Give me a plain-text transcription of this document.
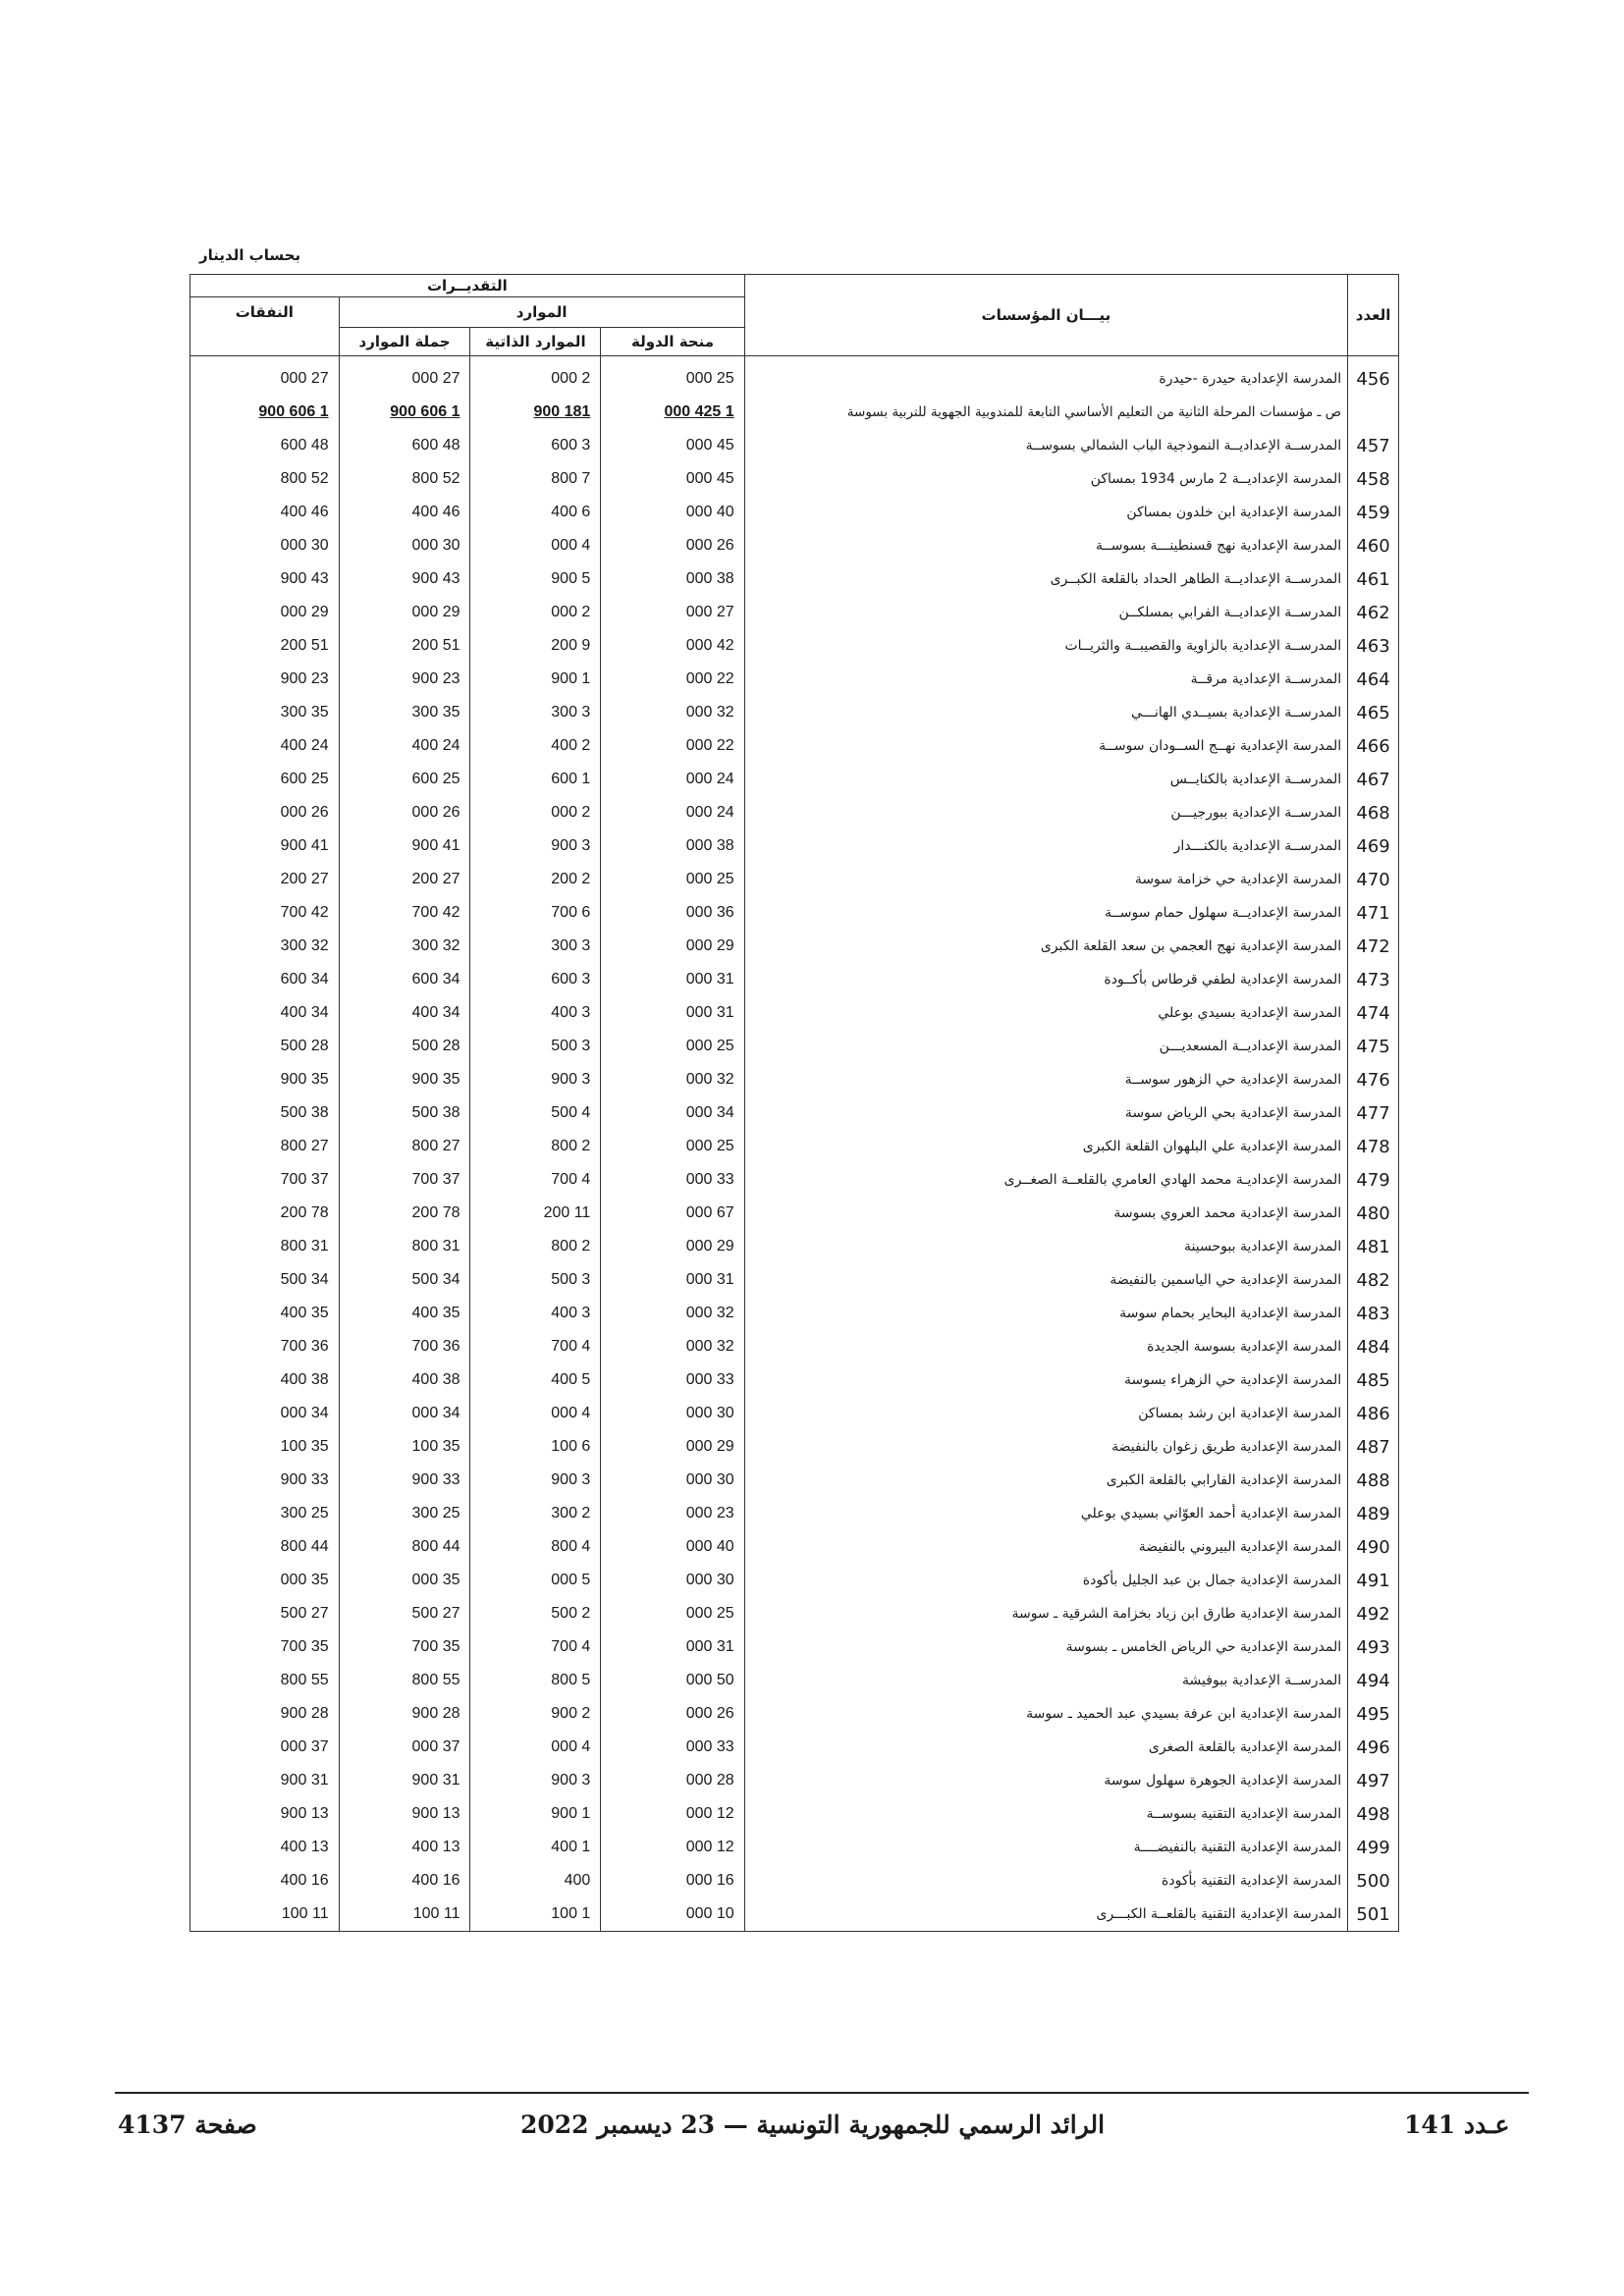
بحساب الدينار
العدد	بيـــان المؤسسات	التقديــرات			
		الموارد			النفقات
		منحة الدولة	الموارد الذاتية	جملة الموارد	
456	المدرسة الإعدادية حيدرة ‑حيدرة	25 000	2 000	27 000	27 000
	ص ـ مؤسسات المرحلة الثانية من التعليم الأساسي التابعة للمندوبية الجهوية للتربية بسوسة	1 425 000	181 900	1 606 900	1 606 900
457	المدرســة الإعداديــة النموذجية الباب الشمالي بسوســة	45 000	3 600	48 600	48 600
458	المدرسة الإعداديــة 2 مارس 1934 بمساكن	45 000	7 800	52 800	52 800
459	المدرسة الإعدادية ابن خلدون بمساكن	40 000	6 400	46 400	46 400
460	المدرسة الإعدادية نهج قسنطينـــة بسوســة	26 000	4 000	30 000	30 000
461	المدرســة الإعداديــة الطاهر الحداد بالقلعة الكبــرى	38 000	5 900	43 900	43 900
462	المدرســة الإعداديــة الفرابي بمسلكــن	27 000	2 000	29 000	29 000
463	المدرســة الإعدادية بالزاوية والقصيبــة والثريــات	42 000	9 200	51 200	51 200
464	المدرســة الإعدادية مرقــة	22 000	1 900	23 900	23 900
465	المدرســة الإعدادية بسيــدي الهانـــي	32 000	3 300	35 300	35 300
466	المدرسة الإعدادية نهــج الســودان سوســة	22 000	2 400	24 400	24 400
467	المدرســة الإعدادية بالكنايــس	24 000	1 600	25 600	25 600
468	المدرســة الإعدادية ببورجيـــن	24 000	2 000	26 000	26 000
469	المدرســة الإعدادية بالكنـــدار	38 000	3 900	41 900	41 900
470	المدرسة الإعدادية حي خزامة سوسة	25 000	2 200	27 200	27 200
471	المدرسة الإعداديــة سهلول حمام سوســة	36 000	6 700	42 700	42 700
472	المدرسة الإعدادية نهج العجمي بن سعد القلعة الكبرى	29 000	3 300	32 300	32 300
473	المدرسة الإعدادية لطفي قرطاس بأكــودة	31 000	3 600	34 600	34 600
474	المدرسة الإعدادية بسيدي بوعلي	31 000	3 400	34 400	34 400
475	المدرسة الإعداديــة المسعديـــن	25 000	3 500	28 500	28 500
476	المدرسة الإعدادية حي الزهور سوســة	32 000	3 900	35 900	35 900
477	المدرسة الإعدادية بحي الرياض سوسة	34 000	4 500	38 500	38 500
478	المدرسة الإعدادية علي البلهوان القلعة الكبرى	25 000	2 800	27 800	27 800
479	المدرسة الإعداديـة محمد الهادي العامري بالقلعــة الصغــرى	33 000	4 700	37 700	37 700
480	المدرسة الإعدادية محمد العروي بسوسة	67 000	11 200	78 200	78 200
481	المدرسة الإعدادية ببوحسينة	29 000	2 800	31 800	31 800
482	المدرسة الإعدادية حي الياسمين بالنفيضة	31 000	3 500	34 500	34 500
483	المدرسة الإعدادية البحاير بحمام سوسة	32 000	3 400	35 400	35 400
484	المدرسة الإعدادية بسوسة الجديدة	32 000	4 700	36 700	36 700
485	المدرسة الإعدادية حي الزهراء بسوسة	33 000	5 400	38 400	38 400
486	المدرسة الإعدادية ابن رشد بمساكن	30 000	4 000	34 000	34 000
487	المدرسة الإعدادية طريق زغوان بالنفيضة	29 000	6 100	35 100	35 100
488	المدرسة الإعدادية الفارابي بالقلعة الكبرى	30 000	3 900	33 900	33 900
489	المدرسة الإعدادية أحمد العوّاني بسيدي بوعلي	23 000	2 300	25 300	25 300
490	المدرسة الإعدادية البيروني بالنفيضة	40 000	4 800	44 800	44 800
491	المدرسة الإعدادية جمال بن عبد الجليل بأكودة	30 000	5 000	35 000	35 000
492	المدرسة الإعدادية طارق ابن زياد بخزامة الشرقية ـ سوسة	25 000	2 500	27 500	27 500
493	المدرسة الإعدادية حي الرياض الخامس ـ بسوسة	31 000	4 700	35 700	35 700
494	المدرســة الإعدادية ببوفيشة	50 000	5 800	55 800	55 800
495	المدرسة الإعدادية ابن عرفة بسيدي عبد الحميد ـ سوسة	26 000	2 900	28 900	28 900
496	المدرسة الإعدادية بالقلعة الصغرى	33 000	4 000	37 000	37 000
497	المدرسة الإعدادية الجوهرة سهلول سوسة	28 000	3 900	31 900	31 900
498	المدرسة الإعدادية التقنية بسوســة	12 000	1 900	13 900	13 900
499	المدرسة الإعدادية التقنية بالنفيضــــة	12 000	1 400	13 400	13 400
500	المدرسة الإعدادية التقنية بأكودة	16 000	400	16 400	16 400
501	المدرسة الإعدادية التقنية بالقلعــة الكبـــرى	10 000	1 100	11 100	11 100
عـدد 141
الرائد الرسمي للجمهورية التونسية — 23 ديسمبر 2022
صفحة 4137
